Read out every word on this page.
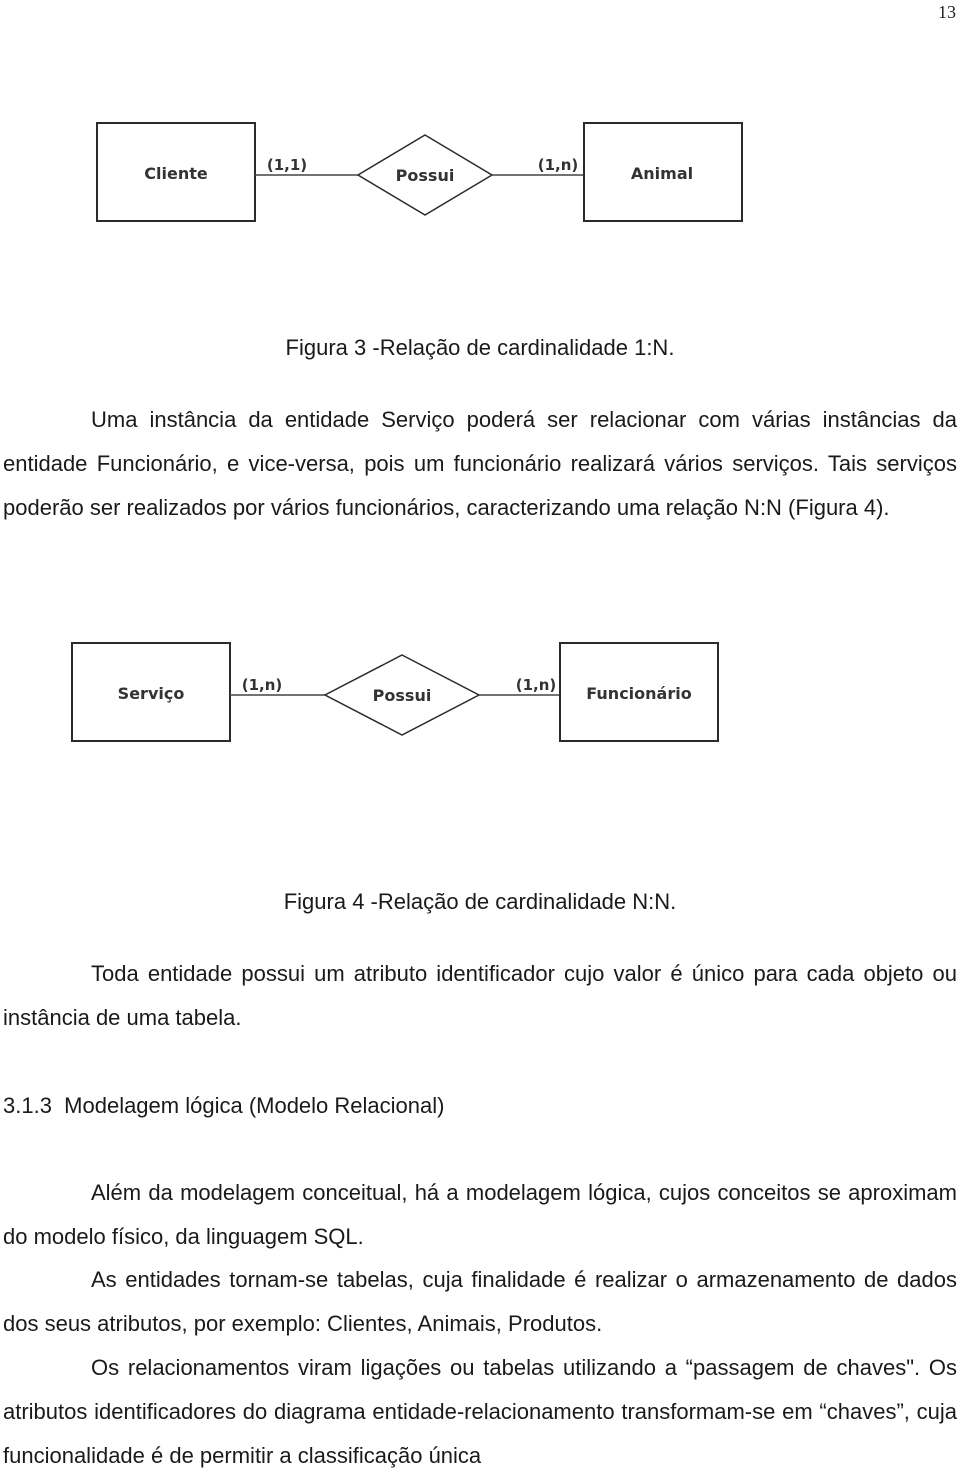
13
Cliente	Possui	Animal
(1,1)	(1,n)
Figura 3 -Relação de cardinalidade 1:N.

Uma instância da entidade Serviço poderá ser relacionar com várias instâncias da entidade Funcionário, e vice-versa, pois um funcionário realizará vários serviços. Tais serviços poderão ser realizados por vários funcionários, caracterizando uma relação N:N (Figura 4).

Serviço	Possui	Funcionário
(1,n)	(1,n)
Figura 4 -Relação de cardinalidade N:N.

Toda entidade possui um atributo identificador cujo valor é único para cada objeto ou instância de uma tabela.

3.1.3  Modelagem lógica (Modelo Relacional)

Além da modelagem conceitual, há a modelagem lógica, cujos conceitos se aproximam do modelo físico, da linguagem SQL.

As entidades tornam-se tabelas, cuja finalidade é realizar o armazenamento de dados dos seus atributos, por exemplo: Clientes, Animais, Produtos.

Os relacionamentos viram ligações ou tabelas utilizando a “passagem de chaves". Os atributos identificadores do diagrama entidade-relacionamento transformam-se em “chaves”, cuja funcionalidade é de permitir a classificação única
